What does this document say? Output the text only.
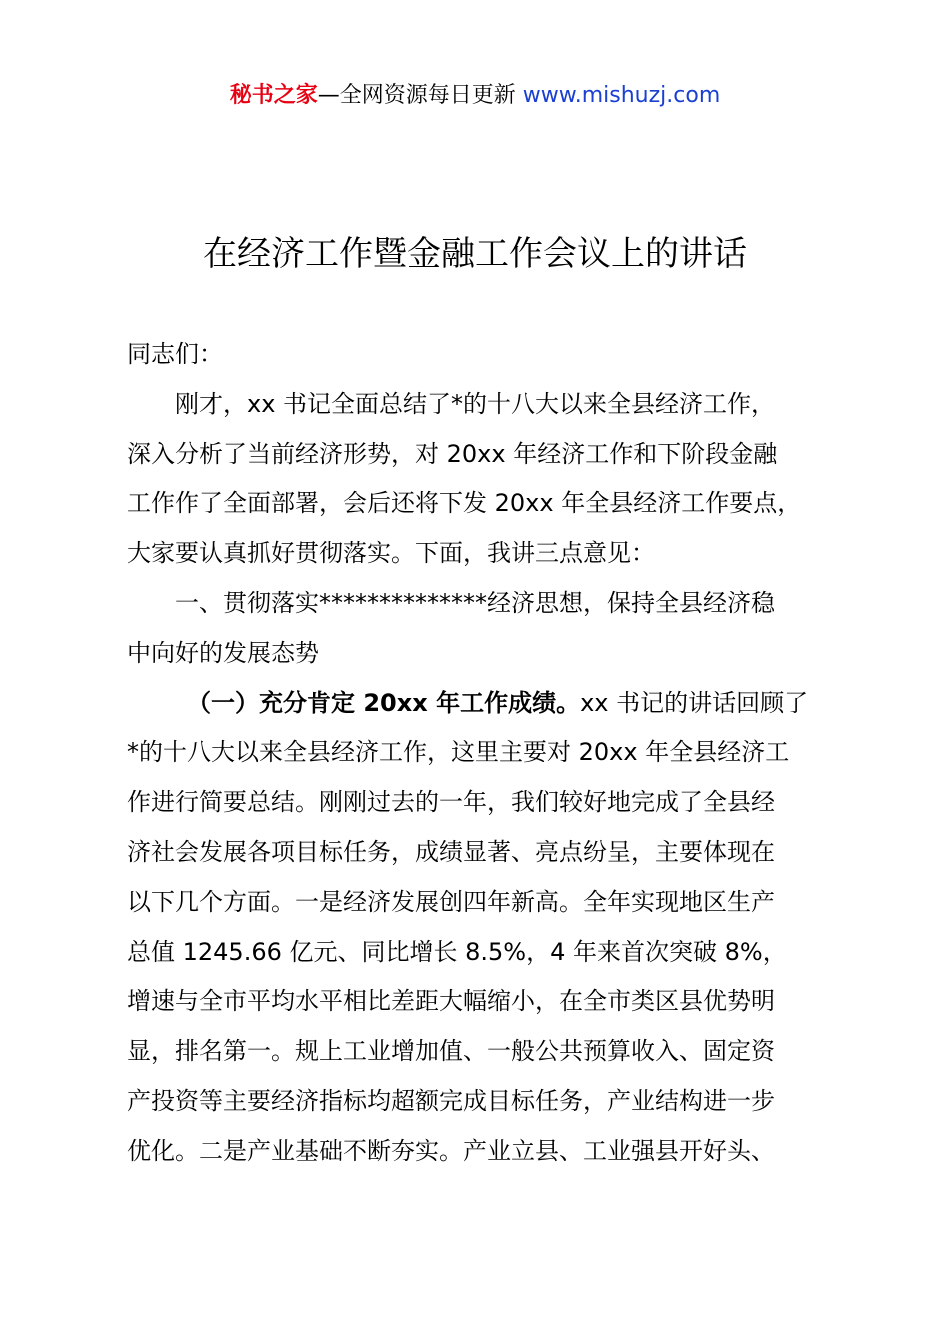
秘书之家—全网资源每日更新 www.mishuzj.com
在经济工作暨金融工作会议上的讲话
同志们：
刚才，xx 书记全面总结了*的十八大以来全县经济工作，
深入分析了当前经济形势，对 20xx 年经济工作和下阶段金融
工作作了全面部署，会后还将下发 20xx 年全县经济工作要点，
大家要认真抓好贯彻落实。下面，我讲三点意见：
一、贯彻落实**************经济思想，保持全县经济稳
中向好的发展态势
（一）充分肯定 20xx 年工作成绩。xx 书记的讲话回顾了
*的十八大以来全县经济工作，这里主要对 20xx 年全县经济工
作进行简要总结。刚刚过去的一年，我们较好地完成了全县经
济社会发展各项目标任务，成绩显著、亮点纷呈，主要体现在
以下几个方面。一是经济发展创四年新高。全年实现地区生产
总值 1245.66 亿元、同比增长 8.5%，4 年来首次突破 8%，
增速与全市平均水平相比差距大幅缩小，在全市类区县优势明
显，排名第一。规上工业增加值、一般公共预算收入、固定资
产投资等主要经济指标均超额完成目标任务，产业结构进一步
优化。二是产业基础不断夯实。产业立县、工业强县开好头、
